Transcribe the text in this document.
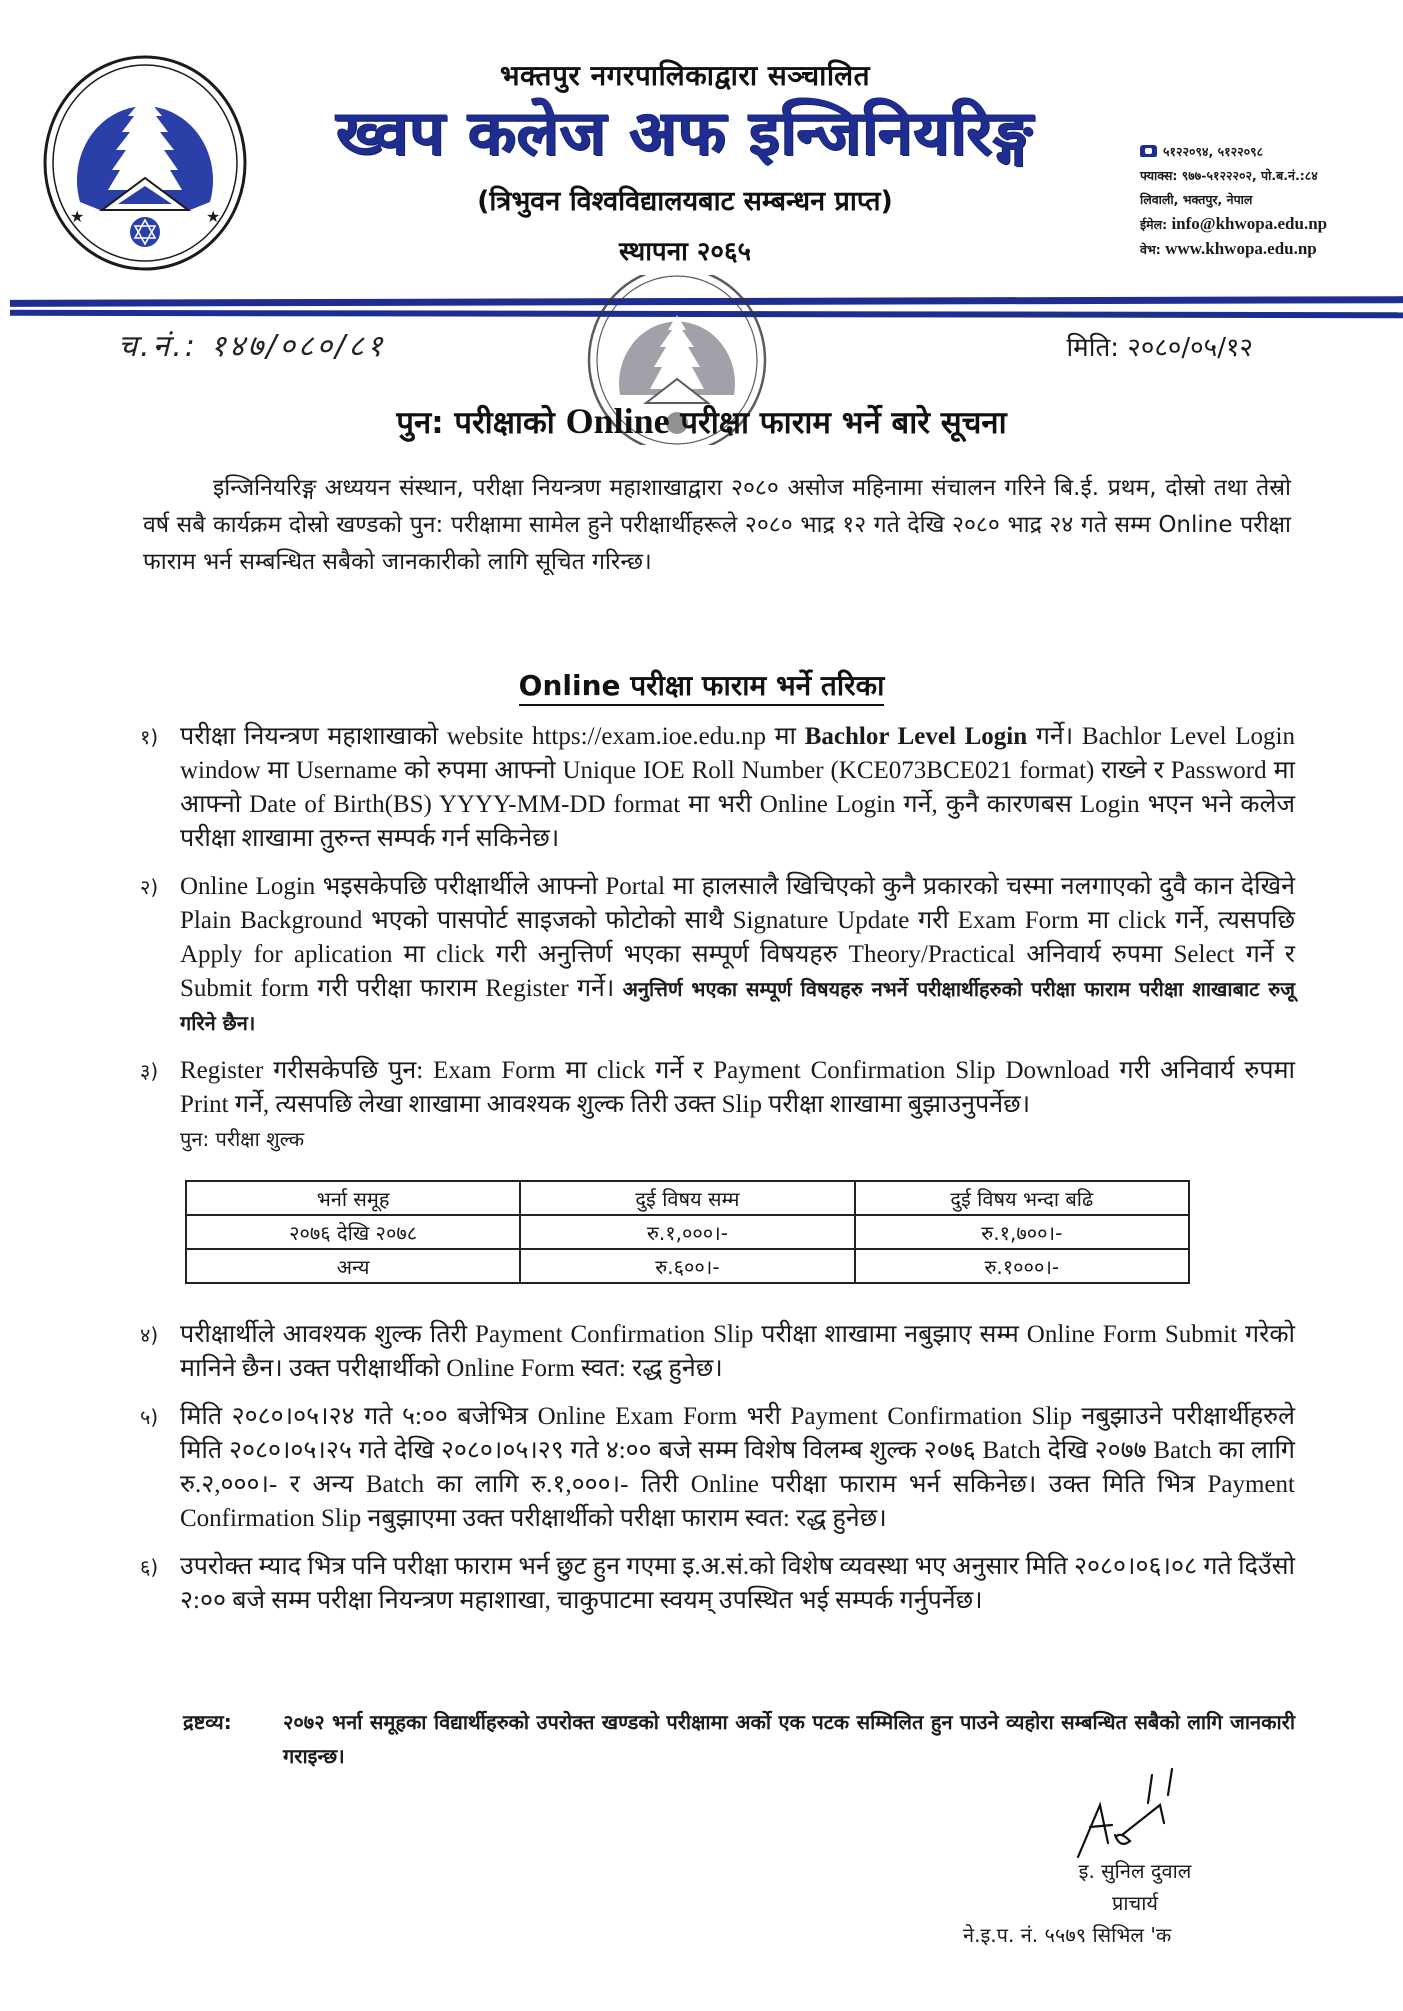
★	★
भक्तपुर नगरपालिकाद्वारा सञ्चालित
ख्वप कलेज अफ इन्जिनियरिङ्ग
(त्रिभुवन विश्वविद्यालयबाट सम्बन्धन प्राप्त)
स्थापना २०६५
५१२२०९४, ५१२२०९८
फ्याक्स: ९७७-५१२२२०२, पो.ब.नं.:८४
लिवाली, भक्तपुर, नेपाल
ईमेल: info@khwopa.edu.np
वेभ: www.khwopa.edu.np
च.नं.: १४७/०८०/८१	मिति: २०८०/०५/१२
पुन: परीक्षाको Online परीक्षा फाराम भर्ने बारे सूचना

इन्जिनियरिङ्ग अध्ययन संस्थान, परीक्षा नियन्त्रण महाशाखाद्वारा २०८० असोज महिनामा संचालन गरिने बि.ई. प्रथम, दोस्रो तथा तेस्रो वर्ष सबै कार्यक्रम दोस्रो खण्डको पुन: परीक्षामा सामेल हुने परीक्षार्थीहरूले २०८० भाद्र १२ गते देखि २०८० भाद्र २४ गते सम्म Online परीक्षा फाराम भर्न सम्बन्धित सबैको जानकारीको लागि सूचित गरिन्छ।

Online परीक्षा फाराम भर्ने तरिका
१) परीक्षा नियन्त्रण महाशाखाको website https://exam.ioe.edu.np मा Bachlor Level Login गर्ने। Bachlor Level Login window मा Username को रुपमा आफ्नो Unique IOE Roll Number (KCE073BCE021 format) राख्ने र Password मा आफ्नो Date of Birth(BS) YYYY-MM-DD format मा भरी Online Login गर्ने, कुनै कारणबस Login भएन भने कलेज परीक्षा शाखामा तुरुन्त सम्पर्क गर्न सकिनेछ।
२) Online Login भइसकेपछि परीक्षार्थीले आफ्नो Portal मा हालसालै खिचिएको कुनै प्रकारको चस्मा नलगाएको दुवै कान देखिने Plain Background भएको पासपोर्ट साइजको फोटोको साथै Signature Update गरी Exam Form मा click गर्ने, त्यसपछि Apply for aplication मा click गरी अनुत्तिर्ण भएका सम्पूर्ण विषयहरु Theory/Practical अनिवार्य रुपमा Select गर्ने र Submit form गरी परीक्षा फाराम Register गर्ने। अनुत्तिर्ण भएका सम्पूर्ण विषयहरु नभर्ने परीक्षार्थीहरुको परीक्षा फाराम परीक्षा शाखाबाट रुजू गरिने छैन।
३) Register गरीसकेपछि पुन: Exam Form मा click गर्ने र Payment Confirmation Slip Download गरी अनिवार्य रुपमा Print गर्ने, त्यसपछि लेखा शाखामा आवश्यक शुल्क तिरी उक्त Slip परीक्षा शाखामा बुझाउनुपर्नेछ।
पुन: परीक्षा शुल्क
भर्ना समूह	दुई विषय सम्म	दुई विषय भन्दा बढि
२०७६ देखि २०७८	रु.१,०००।-	रु.१,७००।-
अन्य	रु.६००।-	रु.१०००।-
४) परीक्षार्थीले आवश्यक शुल्क तिरी Payment Confirmation Slip परीक्षा शाखामा नबुझाए सम्म Online Form Submit गरेको मानिने छैन। उक्त परीक्षार्थीको Online Form स्वत: रद्ध हुनेछ।
५) मिति २०८०।०५।२४ गते ५:०० बजेभित्र Online Exam Form भरी Payment Confirmation Slip नबुझाउने परीक्षार्थीहरुले मिति २०८०।०५।२५ गते देखि २०८०।०५।२९ गते ४:०० बजे सम्म विशेष विलम्ब शुल्क २०७६ Batch देखि २०७७ Batch का लागि रु.२,०००।- र अन्य Batch का लागि रु.१,०००।- तिरी Online परीक्षा फाराम भर्न सकिनेछ। उक्त मिति भित्र Payment Confirmation Slip नबुझाएमा उक्त परीक्षार्थीको परीक्षा फाराम स्वत: रद्ध हुनेछ।
६) उपरोक्त म्याद भित्र पनि परीक्षा फाराम भर्न छुट हुन गएमा इ.अ.सं.को विशेष व्यवस्था भए अनुसार मिति २०८०।०६।०८ गते दिउँसो २:०० बजे सम्म परीक्षा नियन्त्रण महाशाखा, चाकुपाटमा स्वयम् उपस्थित भई सम्पर्क गर्नुपर्नेछ।
द्रष्टव्य:	२०७२ भर्ना समूहका विद्यार्थीहरुको उपरोक्त खण्डको परीक्षामा अर्को एक पटक सम्मिलित हुन पाउने व्यहोरा सम्बन्धित सबैको लागि जानकारी गराइन्छ।
इ. सुनिल दुवाल
प्राचार्य
ने.इ.प. नं. ५५७९ सिभिल 'क
